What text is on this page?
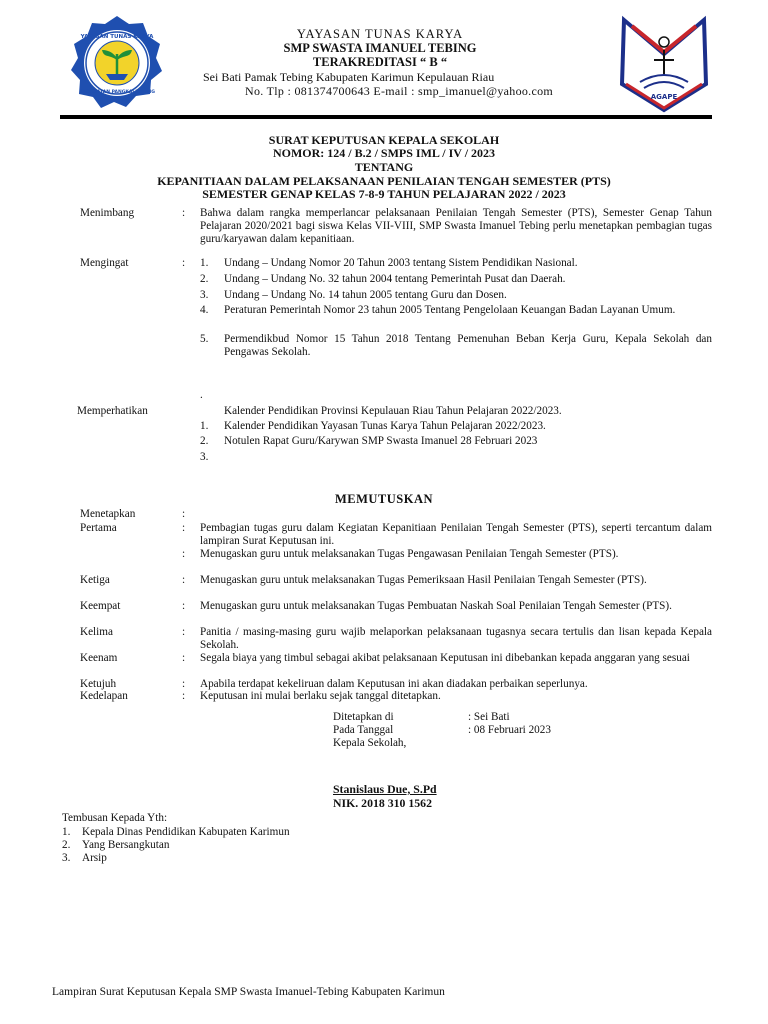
YAYASAN TUNAS KARYA
KECAMATAN PANGKALPINANG
AGAPE
YAYASAN TUNAS KARYA
SMP SWASTA IMANUEL TEBING
TERAKREDITASI “ B “
Sei Bati Pamak Tebing Kabupaten Karimun Kepulauan Riau
No. Tlp : 081374700643 E-mail : smp_imanuel@yahoo.com
SURAT KEPUTUSAN KEPALA SEKOLAH
NOMOR: 124 / B.2 / SMPS IML / IV / 2023
TENTANG
KEPANITIAAN DALAM PELAKSANAAN PENILAIAN TENGAH SEMESTER (PTS)
SEMESTER GENAP KELAS 7-8-9 TAHUN PELAJARAN 2022 / 2023
Menimbang	: Bahwa dalam rangka memperlancar pelaksanaan Penilaian Tengah Semester (PTS), Semester Genap Tahun Pelajaran 2020/2021 bagi siswa Kelas VII-VIII, SMP Swasta Imanuel Tebing perlu menetapkan pembagian tugas guru/karyawan dalam kepanitiaan.
Mengingat	: 1.	Undang – Undang Nomor 20 Tahun 2003 tentang Sistem Pendidikan Nasional.
2.	Undang – Undang No. 32 tahun 2004 tentang Pemerintah Pusat dan Daerah.
3.	Undang – Undang No. 14 tahun 2005 tentang Guru dan Dosen.
4.	Peraturan Pemerintah Nomor 23 tahun 2005 Tentang Pengelolaan Keuangan Badan Layanan Umum.
5.	Permendikbud Nomor 15 Tahun 2018 Tentang Pemenuhan Beban Kerja Guru, Kepala Sekolah dan Pengawas Sekolah.
.
Memperhatikan	Kalender Pendidikan Provinsi Kepulauan Riau Tahun Pelajaran 2022/2023.
1.	Kalender Pendidikan Yayasan Tunas Karya Tahun Pelajaran 2022/2023.
2.	Notulen Rapat Guru/Karywan SMP Swasta Imanuel 28 Februari 2023
3.
MEMUTUSKAN
Menetapkan	:
Pertama	: Pembagian tugas guru dalam Kegiatan Kepanitiaan Penilaian Tengah Semester (PTS), seperti tercantum dalam lampiran Surat Keputusan ini.
: Menugaskan guru untuk melaksanakan Tugas Pengawasan Penilaian Tengah Semester (PTS).
Ketiga	: Menugaskan guru untuk melaksanakan Tugas Pemeriksaan Hasil Penilaian Tengah Semester (PTS).
Keempat	: Menugaskan guru untuk melaksanakan Tugas Pembuatan Naskah Soal Penilaian Tengah Semester (PTS).
Kelima	: Panitia / masing-masing guru wajib melaporkan pelaksanaan tugasnya secara tertulis dan lisan kepada Kepala Sekolah.
Keenam	: Segala biaya yang timbul sebagai akibat pelaksanaan Keputusan ini dibebankan kepada anggaran yang sesuai
Ketujuh	: Apabila terdapat kekeliruan dalam Keputusan ini akan diadakan perbaikan seperlunya.
Kedelapan	: Keputusan ini mulai berlaku sejak tanggal ditetapkan.
Ditetapkan di	: Sei Bati
Pada Tanggal	: 08 Februari 2023
Kepala Sekolah,
Stanislaus Due, S.Pd
NIK. 2018 310 1562
Tembusan Kepada Yth:
1. Kepala Dinas Pendidikan Kabupaten Karimun
2. Yang Bersangkutan
3. Arsip
Lampiran Surat Keputusan Kepala SMP Swasta Imanuel-Tebing Kabupaten Karimun
